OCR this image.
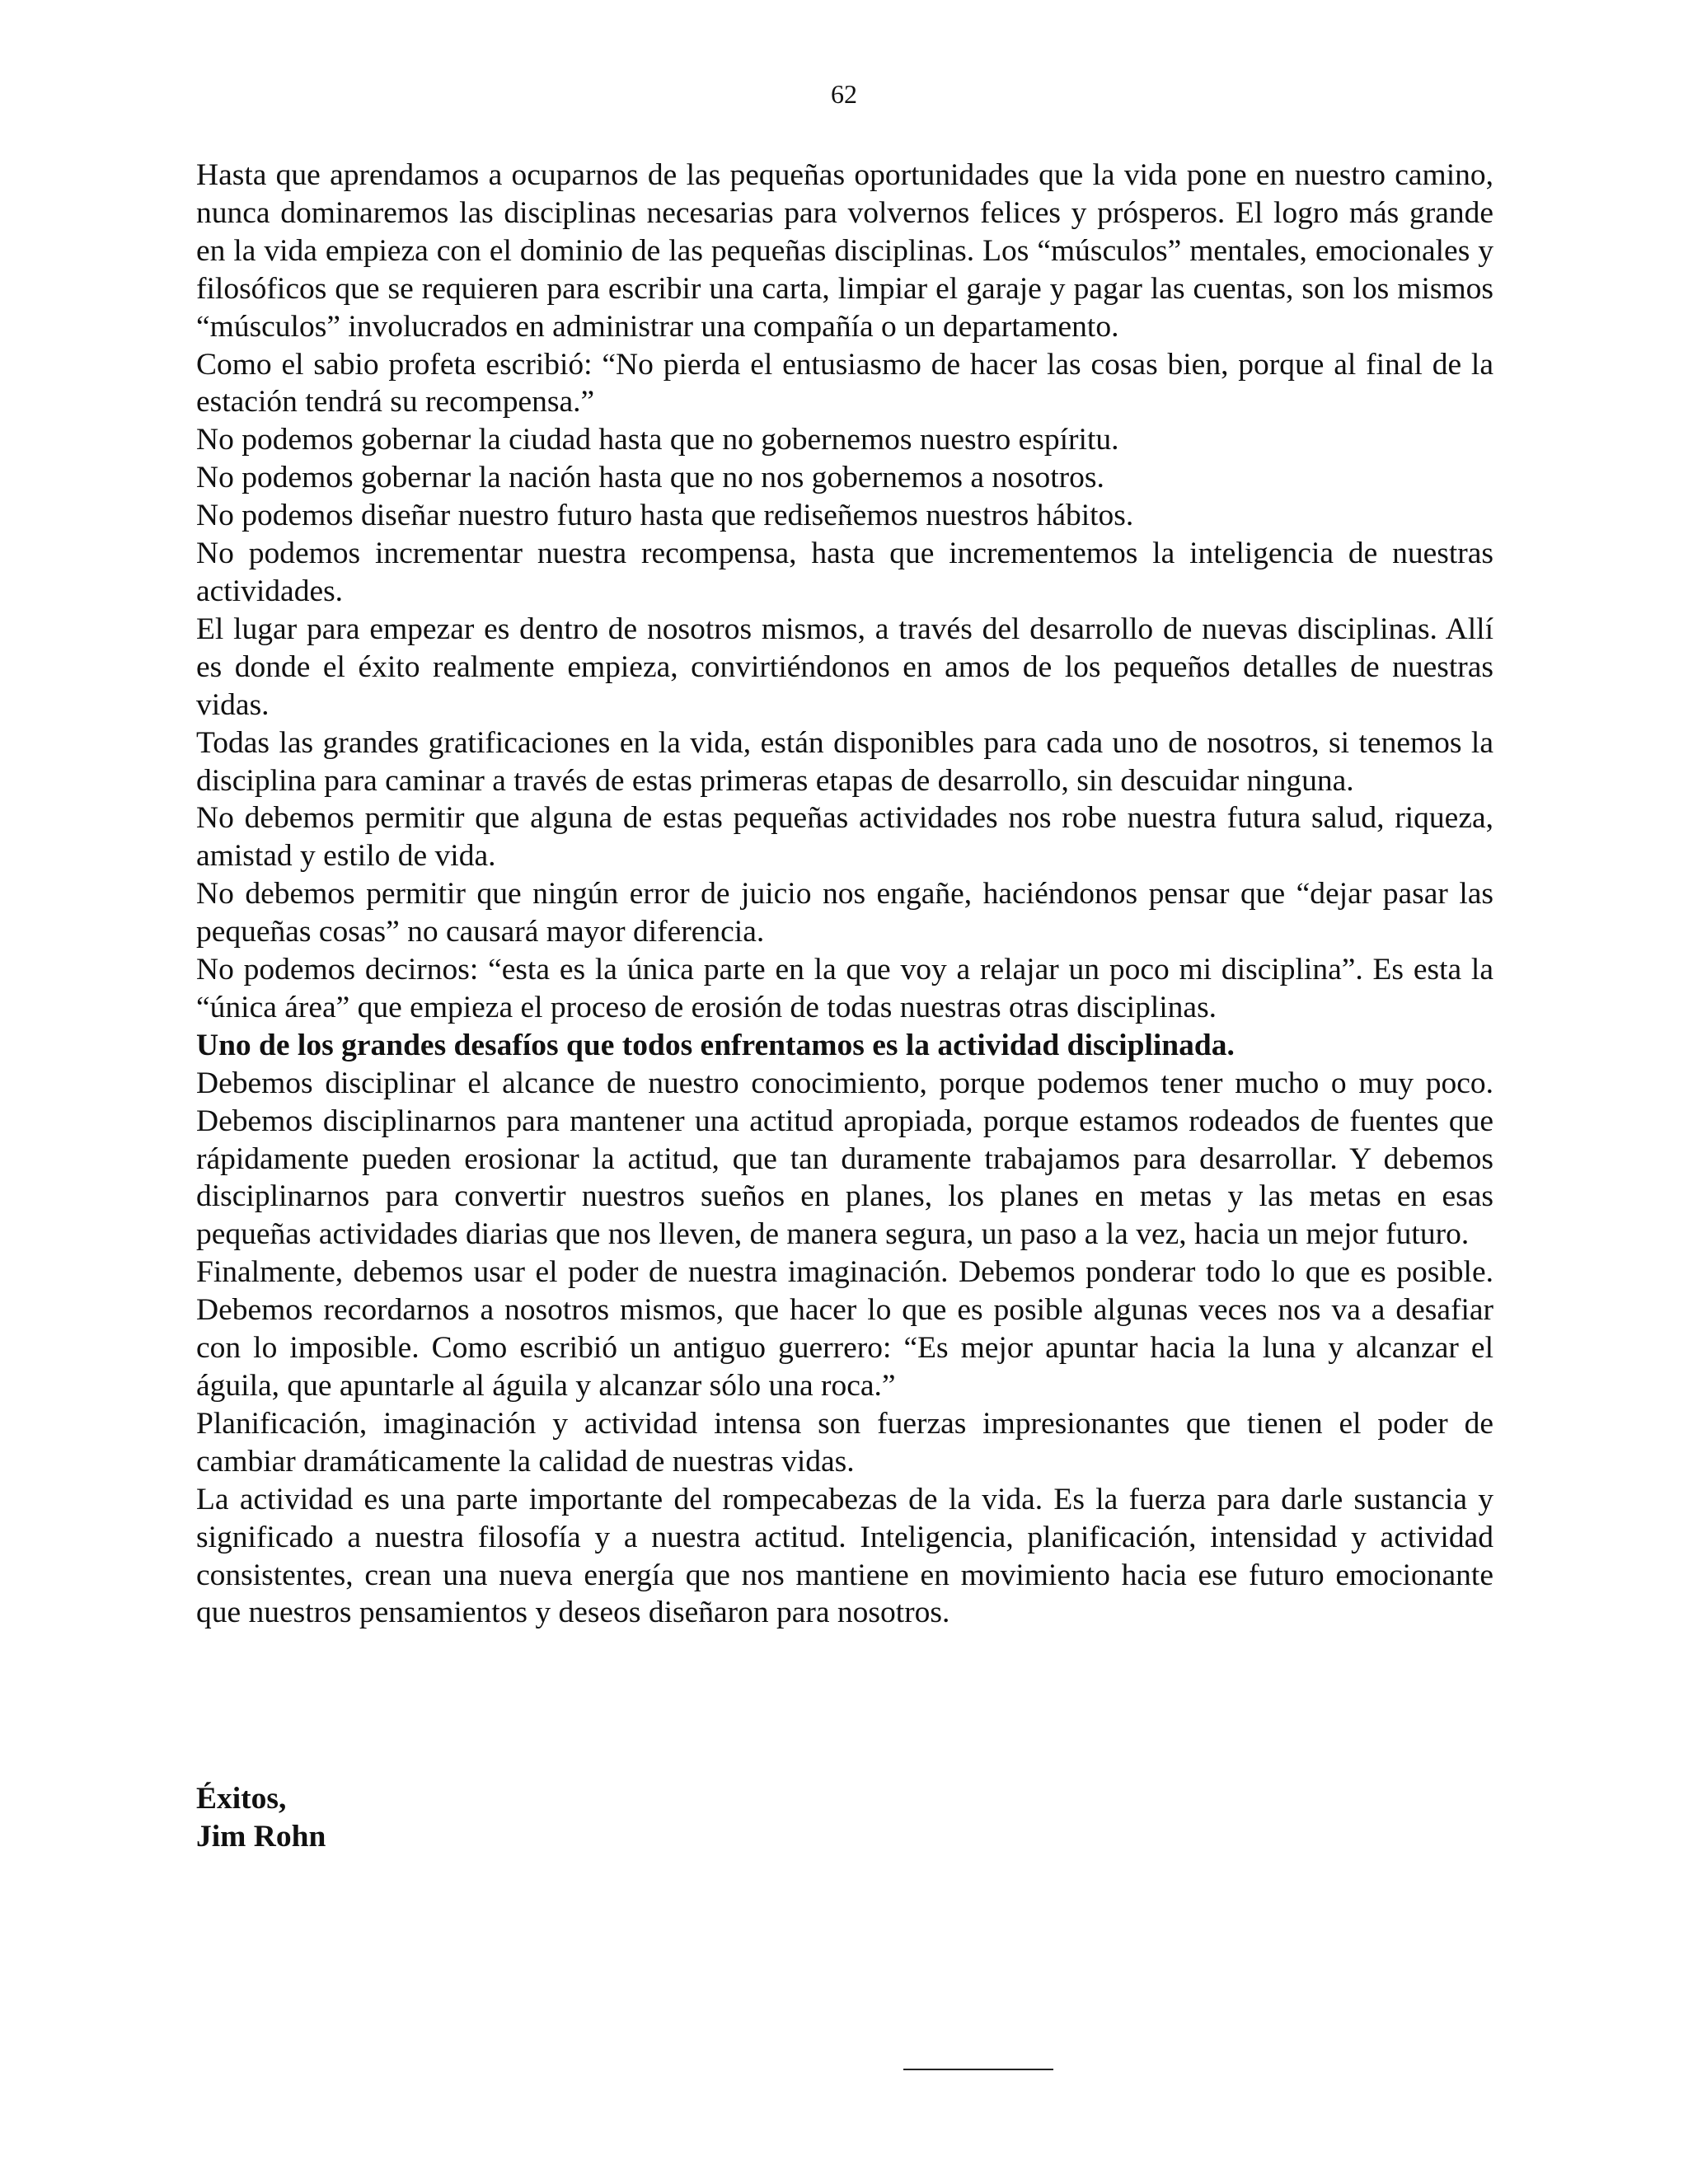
62

Hasta que aprendamos a ocuparnos de las pequeñas oportunidades que la vida pone en nuestro camino, nunca dominaremos las disciplinas necesarias para volvernos felices y prósperos. El logro más grande en la vida empieza con el dominio de las pequeñas disciplinas. Los “músculos” mentales, emocionales y filosóficos que se requieren para escribir una carta, limpiar el garaje y pagar las cuentas, son los mismos “músculos” involucrados en administrar una compañía o un departamento.

Como el sabio profeta escribió: “No pierda el entusiasmo de hacer las cosas bien, porque al final de la estación tendrá su recompensa.”

No podemos gobernar la ciudad hasta que no gobernemos nuestro espíritu.

No podemos gobernar la nación hasta que no nos gobernemos a nosotros.

No podemos diseñar nuestro futuro hasta que rediseñemos nuestros hábitos.

No podemos incrementar nuestra recompensa, hasta que incrementemos la inteligencia de nuestras actividades.

El lugar para empezar es dentro de nosotros mismos, a través del desarrollo de nuevas disciplinas. Allí es donde el éxito realmente empieza, convirtiéndonos en amos de los pequeños detalles de nuestras vidas.

Todas las grandes gratificaciones en la vida, están disponibles para cada uno de nosotros, si tenemos la disciplina para caminar a través de estas primeras etapas de desarrollo, sin descuidar ninguna.

No debemos permitir que alguna de estas pequeñas actividades nos robe nuestra futura salud, riqueza, amistad y estilo de vida.

No debemos permitir que ningún error de juicio nos engañe, haciéndonos pensar que “dejar pasar las pequeñas cosas” no causará mayor diferencia.

No podemos decirnos: “esta es la única parte en la que voy a relajar un poco mi disciplina”. Es esta la “única área” que empieza el proceso de erosión de todas nuestras otras disciplinas.

Uno de los grandes desafíos que todos enfrentamos es la actividad disciplinada.

Debemos disciplinar el alcance de nuestro conocimiento, porque podemos tener mucho o muy poco. Debemos disciplinarnos para mantener una actitud apropiada, porque estamos rodeados de fuentes que rápidamente pueden erosionar la actitud, que tan duramente trabajamos para desarrollar. Y debemos disciplinarnos para convertir nuestros sueños en planes, los planes en metas y las metas en esas pequeñas actividades diarias que nos lleven, de manera segura, un paso a la vez, hacia un mejor futuro.

Finalmente, debemos usar el poder de nuestra imaginación. Debemos ponderar todo lo que es posible. Debemos recordarnos a nosotros mismos, que hacer lo que es posible algunas veces nos va a desafiar con lo imposible. Como escribió un antiguo guerrero: “Es mejor apuntar hacia la luna y alcanzar el águila, que apuntarle al águila y alcanzar sólo una roca.”

Planificación, imaginación y actividad intensa son fuerzas impresionantes que tienen el poder de cambiar dramáticamente la calidad de nuestras vidas.

La actividad es una parte importante del rompecabezas de la vida. Es la fuerza para darle sustancia y significado a nuestra filosofía y a nuestra actitud. Inteligencia, planificación, intensidad y actividad consistentes, crean una nueva energía que nos mantiene en movimiento hacia ese futuro emocionante que nuestros pensamientos y deseos diseñaron para nosotros.

Éxitos,
Jim Rohn
